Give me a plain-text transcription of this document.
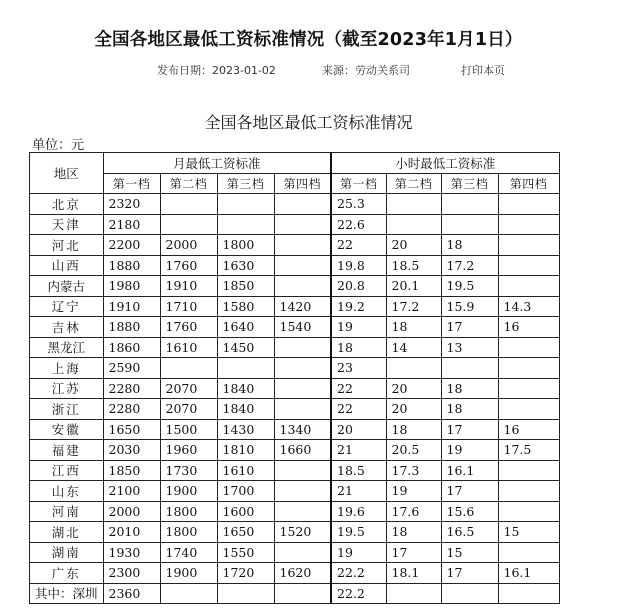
全国各地区最低工资标准情况（截至2023年1月1日）
发布日期：2023-01-02	来源：劳动关系司	打印本页
全国各地区最低工资标准情况
单位：元
地区	月最低工资标准				小时最低工资标准			
	第一档	第二档	第三档	第四档	第一档	第二档	第三档	第四档
北京	2320				25.3			
天津	2180				22.6			
河北	2200	2000	1800		22	20	18	
山西	1880	1760	1630		19.8	18.5	17.2	
内蒙古	1980	1910	1850		20.8	20.1	19.5	
辽宁	1910	1710	1580	1420	19.2	17.2	15.9	14.3
吉林	1880	1760	1640	1540	19	18	17	16
黑龙江	1860	1610	1450		18	14	13	
上海	2590				23			
江苏	2280	2070	1840		22	20	18	
浙江	2280	2070	1840		22	20	18	
安徽	1650	1500	1430	1340	20	18	17	16
福建	2030	1960	1810	1660	21	20.5	19	17.5
江西	1850	1730	1610		18.5	17.3	16.1	
山东	2100	1900	1700		21	19	17	
河南	2000	1800	1600		19.6	17.6	15.6	
湖北	2010	1800	1650	1520	19.5	18	16.5	15
湖南	1930	1740	1550		19	17	15	
广东	2300	1900	1720	1620	22.2	18.1	17	16.1
其中：深圳	2360				22.2			
